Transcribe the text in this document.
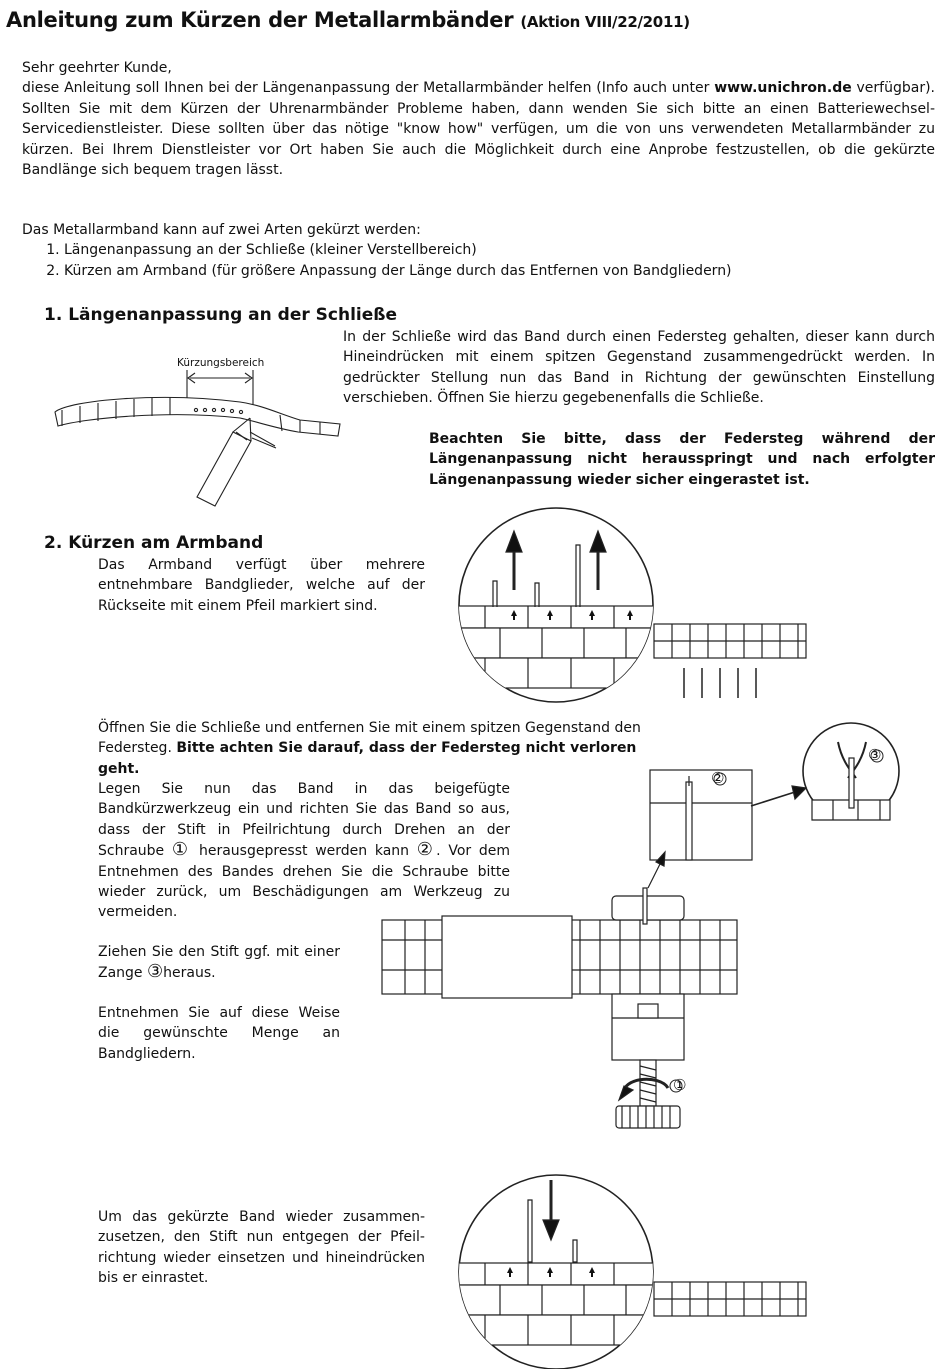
Anleitung zum Kürzen der Metallarmbänder (Aktion VIII/22/2011)
Sehr geehrter Kunde,
diese Anleitung soll Ihnen bei der Längenanpassung der Metallarmbänder helfen (Info auch unter www.unichron.de verfügbar). Sollten Sie mit dem Kürzen der Uhrenarmbänder Probleme haben, dann wenden Sie sich bitte an einen Batteriewechsel-Servicedienstleister. Diese sollten über das nötige "know how" verfügen, um die von uns verwendeten Metallarmbänder zu kürzen. Bei Ihrem Dienstleister vor Ort haben Sie auch die Möglichkeit durch eine Anprobe festzustellen, ob die gekürzte Bandlänge sich bequem tragen lässt.
Das Metallarmband kann auf zwei Arten gekürzt werden:
1. Längenanpassung an der Schließe (kleiner Verstellbereich)
2. Kürzen am Armband (für größere Anpassung der Länge durch das Entfernen von Bandgliedern)
1. Längenanpassung an der Schließe
In der Schließe wird das Band durch einen Federsteg gehalten, dieser kann durch Hineindrücken mit einem spitzen Gegenstand zusammengedrückt werden. In gedrückter Stellung nun das Band in Richtung der gewünschten Einstellung verschieben. Öffnen Sie hierzu gegebenenfalls die Schließe.
Beachten Sie bitte, dass der Federsteg während der Längenanpassung nicht herausspringt und nach erfolgter Längenanpassung wieder sicher eingerastet ist.
Kürzungsbereich
2. Kürzen am Armband
Das Armband verfügt über mehrere entnehmbare Bandglieder, welche auf der Rückseite mit einem Pfeil markiert sind.
Öffnen Sie die Schließe und entfernen Sie mit einem spitzen Gegenstand den Federsteg. Bitte achten Sie darauf, dass der Federsteg nicht verloren geht.
Legen Sie nun das Band in das beigefügte Bandkürzwerkzeug ein und richten Sie das Band so aus, dass der Stift in Pfeilrichtung durch Drehen an der Schraube ① herausgepresst werden kann ②. Vor dem Entnehmen des Bandes drehen Sie die Schraube bitte wieder zurück, um Beschädigungen am Werkzeug zu vermeiden.
Ziehen Sie den Stift ggf. mit einer Zange ③heraus.
Entnehmen Sie auf diese Weise die gewünschte Menge an Bandgliedern.
Um das gekürzte Band wieder zusammen-zusetzen, den Stift nun entgegen der Pfeil-richtung wieder einsetzen und hineindrücken bis er einrastet.
①
②
③
